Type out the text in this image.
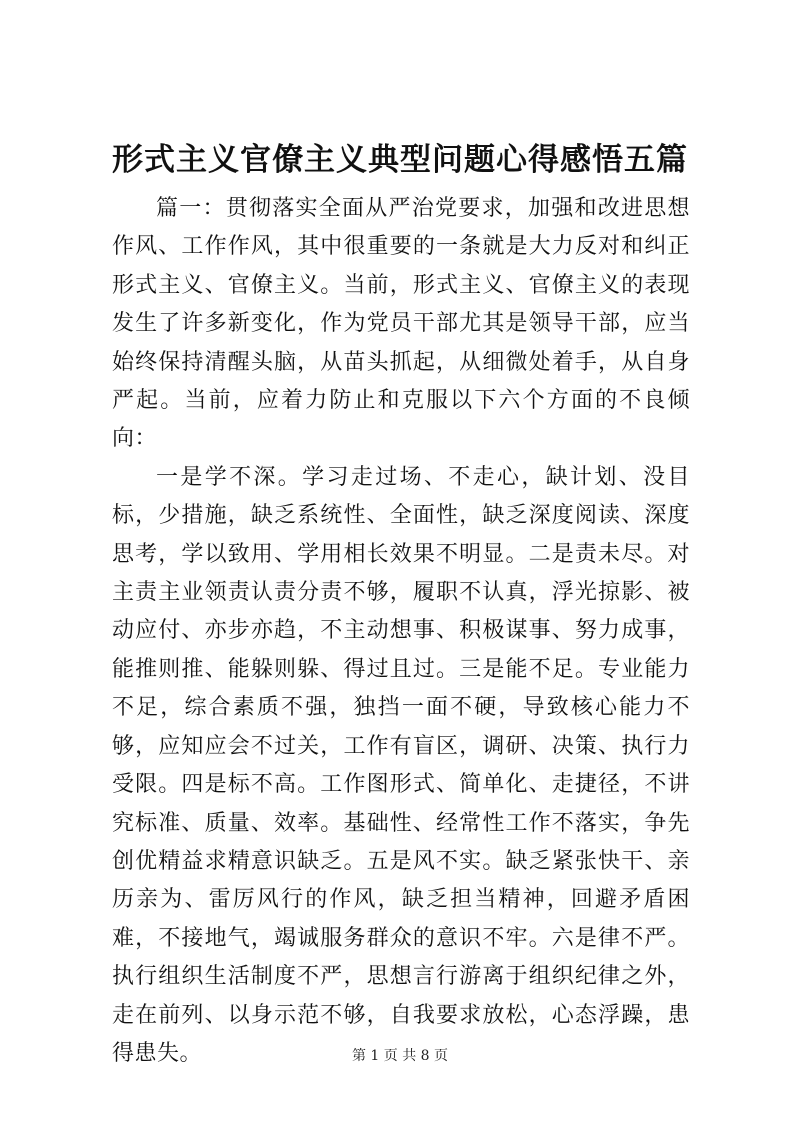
形式主义官僚主义典型问题心得感悟五篇

篇一：贯彻落实全面从严治党要求，加强和改进思想作风、工作作风，其中很重要的一条就是大力反对和纠正形式主义、官僚主义。当前，形式主义、官僚主义的表现发生了许多新变化，作为党员干部尤其是领导干部，应当始终保持清醒头脑，从苗头抓起，从细微处着手，从自身严起。当前，应着力防止和克服以下六个方面的不良倾向：

一是学不深。学习走过场、不走心，缺计划、没目标，少措施，缺乏系统性、全面性，缺乏深度阅读、深度思考，学以致用、学用相长效果不明显。二是责未尽。对主责主业领责认责分责不够，履职不认真，浮光掠影、被动应付、亦步亦趋，不主动想事、积极谋事、努力成事，能推则推、能躲则躲、得过且过。三是能不足。专业能力不足，综合素质不强，独挡一面不硬，导致核心能力不够，应知应会不过关，工作有盲区，调研、决策、执行力受限。四是标不高。工作图形式、简单化、走捷径，不讲究标准、质量、效率。基础性、经常性工作不落实，争先创优精益求精意识缺乏。五是风不实。缺乏紧张快干、亲历亲为、雷厉风行的作风，缺乏担当精神，回避矛盾困难，不接地气，竭诚服务群众的意识不牢。六是律不严。执行组织生活制度不严，思想言行游离于组织纪律之外，走在前列、以身示范不够，自我要求放松，心态浮躁，患得患失。	第 1 页 共 8 页
